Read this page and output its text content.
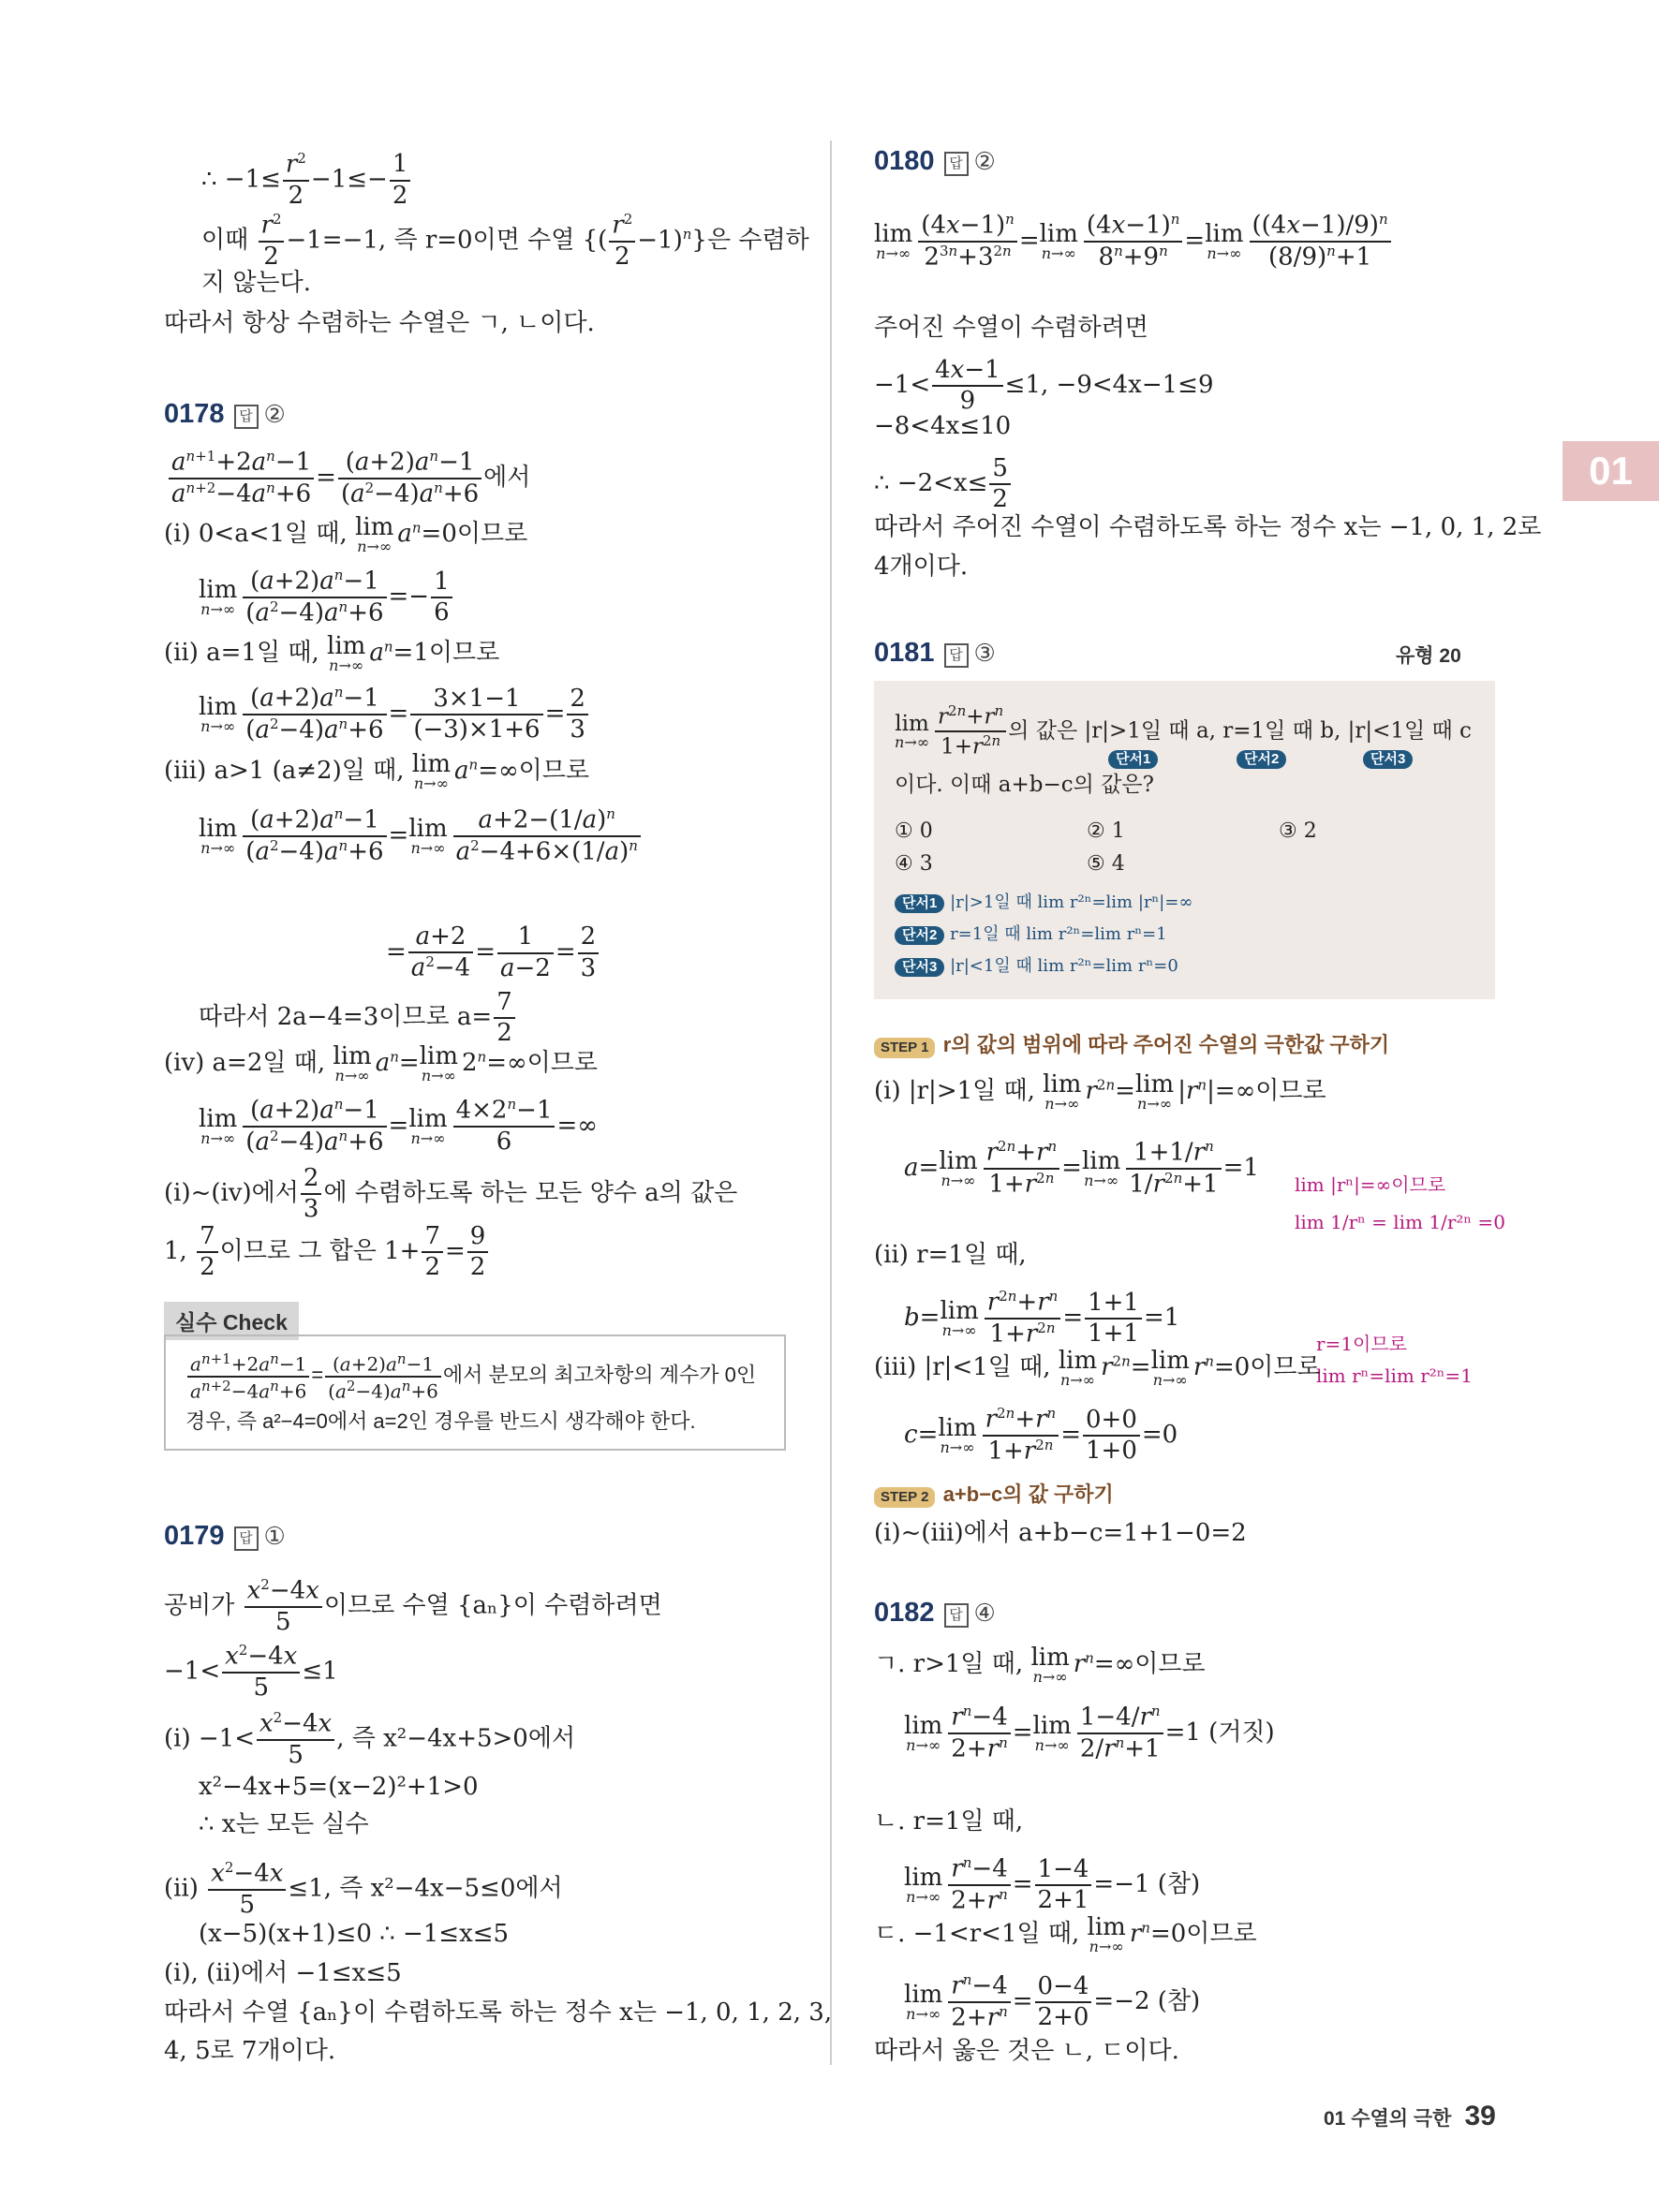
01
∴ $-1\le \frac{r^2}{2} -1\le- \frac{1}{2}$
이때 $\frac{r^2}{2} -1=-1$, 즉 r=0이면 수열 {( $\frac{r^2}{2} -1)^n$}은 수렴하
지 않는다.
따라서 항상 수렴하는 수열은 ㄱ, ㄴ이다.
0178 답 ②
$\frac{a^{n+1}+2a^n-1}{a^{n+2}-4a^n+6} = \frac{(a+2)a^n-1}{(a^2-4)a^n+6}$ 에서
(ⅰ) 0<a<1일 때, lim
n→∞ $a^n=0$이므로
lim
$n\to\infty \frac{(a+2)a^n-1}{(a^2-4)a^n+6} =- \frac{1}{6}$
(ⅱ) a=1일 때, lim
n→∞ $a^n=1$이므로
lim
$n\to\infty \frac{(a+2)a^n-1}{(a^2-4)a^n+6} = \frac{3\times 1-1}{(-3)\times 1+6} = \frac{2}{3}$
(ⅲ) a>1 (a≠2)일 때, lim
n→∞ $a^n=\infty$이므로
lim
$n\to\infty \frac{(a+2)a^n-1}{(a^2-4)a^n+6} =\lim$
$n\to\infty \frac{a+2-(1/a)^n}{a^2-4+6\times(1/a)^n}$
= $\frac{a+2}{a^2-4} = \frac{1}{a-2} = \frac{2}{3}$
따라서 2a−4=3이므로 $a= \frac{7}{2}$
(ⅳ) a=2일 때, lim
n→∞ $a^n=\lim$
n→∞ $2^n=\infty$이므로
lim
$n\to\infty \frac{(a+2)a^n-1}{(a^2-4)a^n+6} =\lim$
$n\to\infty \frac{4\times 2^n-1}{6}$ =∞
(ⅰ)~(ⅳ)에서 $\frac{2}{3}$ 에 수렴하도록 하는 모든 양수 a의 값은
1, $\frac{7}{2}$ 이므로 그 합은 $1+ \frac{7}{2} = \frac{9}{2}$
실수 Check
$\frac{a^{n+1}+2a^n-1}{a^{n+2}-4a^n+6} = \frac{(a+2)a^n-1}{(a^2-4)a^n+6}$ 에서 분모의 최고차항의 계수가 0인
경우, 즉 a²−4=0에서 a=2인 경우를 반드시 생각해야 한다.
0179 답 ①
공비가 $\frac{x^2-4x}{5}$ 이므로 수열 {aₙ}이 수렴하려면
$-1< \frac{x^2-4x}{5} \le 1$
(ⅰ) $-1< \frac{x^2-4x}{5}$ , 즉 x²−4x+5>0에서
x²−4x+5=(x−2)²+1>0
∴ x는 모든 실수
(ⅱ) $\frac{x^2-4x}{5} \le 1$, 즉 x²−4x−5≤0에서
(x−5)(x+1)≤0 ∴ −1≤x≤5
(ⅰ), (ⅱ)에서 −1≤x≤5
따라서 수열 {aₙ}이 수렴하도록 하는 정수 x는 −1, 0, 1, 2, 3,
4, 5로 7개이다.
0180 답 ②
lim
$n\to\infty \frac{(4x-1)^n}{2^{3n}+3^{2n}} =\lim$
$n\to\infty \frac{(4x-1)^n}{8^n+9^n} =\lim$
$n\to\infty \frac{((4x-1)/9)^n}{(8/9)^n+1}$
주어진 수열이 수렴하려면
$-1< \frac{4x-1}{9} \le 1$, −9<4x−1≤9
−8<4x≤10
∴ $-2<x\le \frac{5}{2}$
따라서 주어진 수열이 수렴하도록 하는 정수 x는 −1, 0, 1, 2로
4개이다.
0181 답 ③	유형 20
lim
$n\to\infty \frac{r^{2n}+r^n}{1+r^{2n}}$ 의 값은 |r|>1일 때 a, r=1일 때 b, |r|<1일 때 c
단서1	단서2	단서3
이다. 이때 a+b−c의 값은?
① 0	② 1	③ 2
④ 3	⑤ 4
단서1 |r|>1일 때 lim r²ⁿ=lim |rⁿ|=∞
단서2 r=1일 때 lim r²ⁿ=lim rⁿ=1
단서3 |r|<1일 때 lim r²ⁿ=lim rⁿ=0
STEP 1 r의 값의 범위에 따라 주어진 수열의 극한값 구하기
(ⅰ) |r|>1일 때, lim
n→∞ $r^{2n}=\lim$
n→∞ $|r^n|=\infty$이므로
a=lim
$n\to\infty \frac{r^{2n}+r^n}{1+r^{2n}} =\lim$
$n\to\infty \frac{1+1/r^n}{1/r^{2n}+1} =1$
lim |rⁿ|=∞이므로
lim 1/rⁿ = lim 1/r²ⁿ =0
(ⅱ) r=1일 때,
b=lim
$n\to\infty \frac{r^{2n}+r^n}{1+r^{2n}} = \frac{1+1}{1+1} =1$
r=1이므로
lim rⁿ=lim r²ⁿ=1
(ⅲ) |r|<1일 때, lim
n→∞ $r^{2n}=\lim$
n→∞ $r^n=0$이므로
c=lim
$n\to\infty \frac{r^{2n}+r^n}{1+r^{2n}} = \frac{0+0}{1+0} =0$
STEP 2 a+b−c의 값 구하기
(ⅰ)~(ⅲ)에서 a+b−c=1+1−0=2
0182 답 ④
ㄱ. r>1일 때, lim
n→∞ $r^n=\infty$이므로
lim
$n\to\infty \frac{r^n-4}{2+r^n} =\lim$
$n\to\infty \frac{1-4/r^n}{2/r^n+1} =1$ (거짓)
ㄴ. r=1일 때,
lim
$n\to\infty \frac{r^n-4}{2+r^n} = \frac{1-4}{2+1} =-1$ (참)
ㄷ. −1<r<1일 때, lim
n→∞ $r^n=0$이므로
lim
$n\to\infty \frac{r^n-4}{2+r^n} = \frac{0-4}{2+0} =-2$ (참)
따라서 옳은 것은 ㄴ, ㄷ이다.
01 수열의 극한 39
